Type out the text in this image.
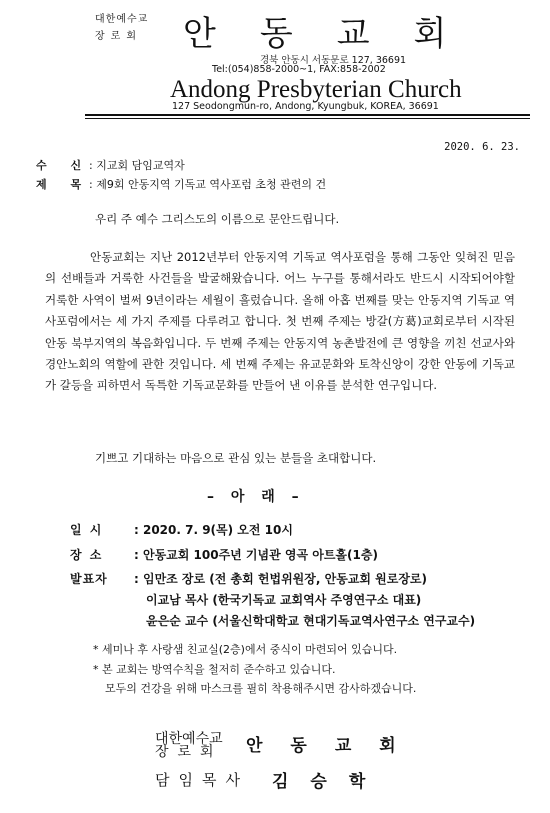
대한예수교
장로회 안동교회
경북 안동시 서동문로 127, 36691
Tel:(054)858-2000~1, FAX:858-2002
Andong Presbyterian Church
127 Seodongmun-ro, Andong, Kyungbuk, KOREA, 36691
2020. 6. 23.
수 신
: 지교회 담임교역자
제 목
: 제9회 안동지역 기독교 역사포럼 초청 관련의 건
우리 주 예수 그리스도의 이름으로 문안드립니다.
안동교회는 지난 2012년부터 안동지역 기독교 역사포럼을 통해 그동안 잊혀진 믿음의 선배들과 거룩한 사건들을 발굴해왔습니다. 어느 누구를 통해서라도 반드시 시작되어야할 거룩한 사역이 벌써 9년이라는 세월이 흘렀습니다. 올해 아홉 번째를 맞는 안동지역 기독교 역사포럼에서는 세 가지 주제를 다루려고 합니다. 첫 번째 주제는 방갈(方葛)교회로부터 시작된 안동 북부지역의 복음화입니다. 두 번째 주제는 안동지역 농촌발전에 큰 영향을 끼친 선교사와 경안노회의 역할에 관한 것입니다. 세 번째 주제는 유교문화와 토착신앙이 강한 안동에 기독교가 갈등을 피하면서 독특한 기독교문화를 만들어 낸 이유를 분석한 연구입니다.
기쁘고 기대하는 마음으로 관심 있는 분들을 초대합니다.
– 아 래 –
일 시	: 2020. 7. 9(목) 오전 10시
장 소	: 안동교회 100주년 기념관 영곡 아트홀(1층)
발표자 : 임만조 장로 (전 총회 헌법위원장, 안동교회 원로장로)
이교남 목사 (한국기독교 교회역사 주영연구소 대표)
윤은순 교수 (서울신학대학교 현대기독교역사연구소 연구교수)
* 세미나 후 사랑샘 친교실(2층)에서 중식이 마련되어 있습니다.
* 본 교회는 방역수칙을 철저히 준수하고 있습니다.
모두의 건강을 위해 마스크를 필히 착용해주시면 감사하겠습니다.
대한예수교
장로회 안동교회
담임목사 김승학
